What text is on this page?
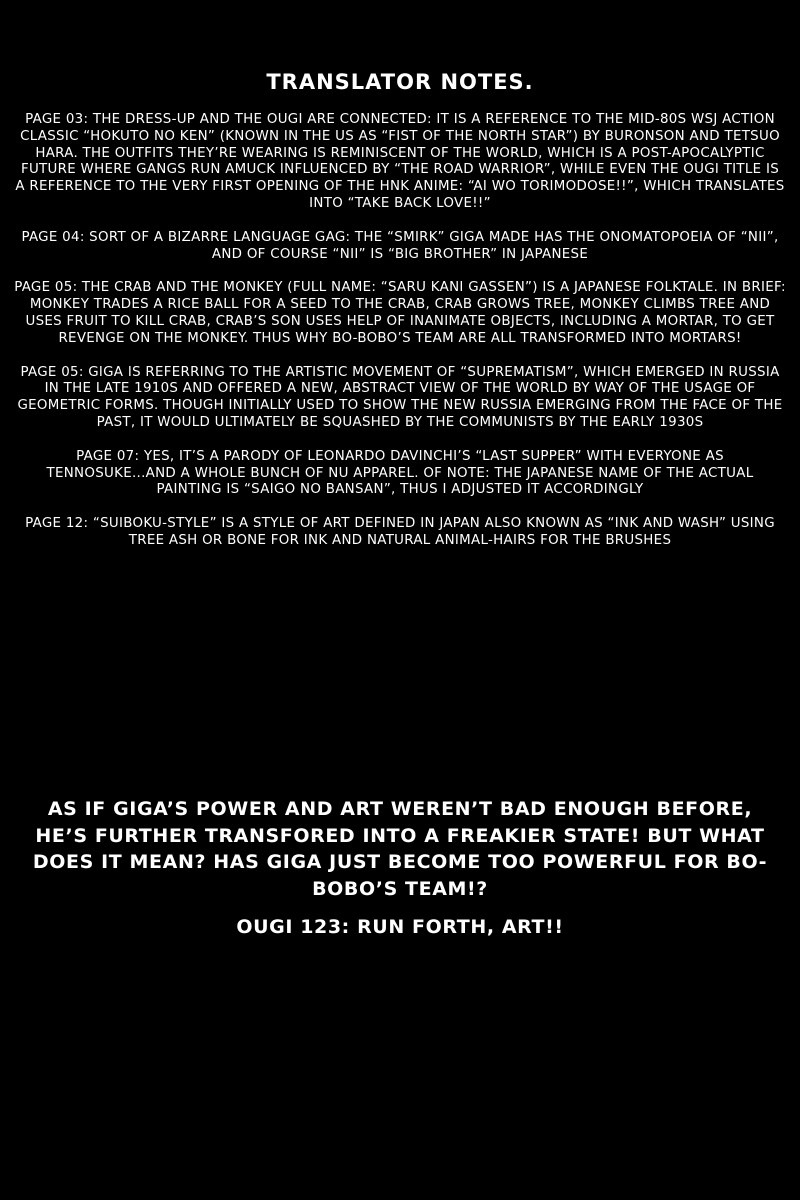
TRANSLATOR NOTES.

PAGE 03: THE DRESS-UP AND THE OUGI ARE CONNECTED: IT IS A REFERENCE TO THE MID-80S WSJ ACTION CLASSIC “HOKUTO NO KEN” (KNOWN IN THE US AS “FIST OF THE NORTH STAR”) BY BURONSON AND TETSUO HARA. THE OUTFITS THEY’RE WEARING IS REMINISCENT OF THE WORLD, WHICH IS A POST-APOCALYPTIC FUTURE WHERE GANGS RUN AMUCK INFLUENCED BY “THE ROAD WARRIOR”, WHILE EVEN THE OUGI TITLE IS A REFERENCE TO THE VERY FIRST OPENING OF THE HNK ANIME: “AI WO TORIMODOSE!!”, WHICH TRANSLATES INTO “TAKE BACK LOVE!!”

PAGE 04: SORT OF A BIZARRE LANGUAGE GAG: THE “SMIRK” GIGA MADE HAS THE ONOMATOPOEIA OF “NII”, AND OF COURSE “NII” IS “BIG BROTHER” IN JAPANESE

PAGE 05: THE CRAB AND THE MONKEY (FULL NAME: “SARU KANI GASSEN”) IS A JAPANESE FOLKTALE. IN BRIEF: MONKEY TRADES A RICE BALL FOR A SEED TO THE CRAB, CRAB GROWS TREE, MONKEY CLIMBS TREE AND USES FRUIT TO KILL CRAB, CRAB’S SON USES HELP OF INANIMATE OBJECTS, INCLUDING A MORTAR, TO GET REVENGE ON THE MONKEY. THUS WHY BO-BOBO’S TEAM ARE ALL TRANSFORMED INTO MORTARS!

PAGE 05: GIGA IS REFERRING TO THE ARTISTIC MOVEMENT OF “SUPREMATISM”, WHICH EMERGED IN RUSSIA IN THE LATE 1910S AND OFFERED A NEW, ABSTRACT VIEW OF THE WORLD BY WAY OF THE USAGE OF GEOMETRIC FORMS. THOUGH INITIALLY USED TO SHOW THE NEW RUSSIA EMERGING FROM THE FACE OF THE PAST, IT WOULD ULTIMATELY BE SQUASHED BY THE COMMUNISTS BY THE EARLY 1930S

PAGE 07: YES, IT’S A PARODY OF LEONARDO DAVINCHI’S “LAST SUPPER” WITH EVERYONE AS TENNOSUKE...AND A WHOLE BUNCH OF NU APPAREL. OF NOTE: THE JAPANESE NAME OF THE ACTUAL PAINTING IS “SAIGO NO BANSAN”, THUS I ADJUSTED IT ACCORDINGLY

PAGE 12: “SUIBOKU-STYLE” IS A STYLE OF ART DEFINED IN JAPAN ALSO KNOWN AS “INK AND WASH” USING TREE ASH OR BONE FOR INK AND NATURAL ANIMAL-HAIRS FOR THE BRUSHES

AS IF GIGA’S POWER AND ART WEREN’T BAD ENOUGH BEFORE, HE’S FURTHER TRANSFORED INTO A FREAKIER STATE! BUT WHAT DOES IT MEAN? HAS GIGA JUST BECOME TOO POWERFUL FOR BO-BOBO’S TEAM!?
OUGI 123: RUN FORTH, ART!!
